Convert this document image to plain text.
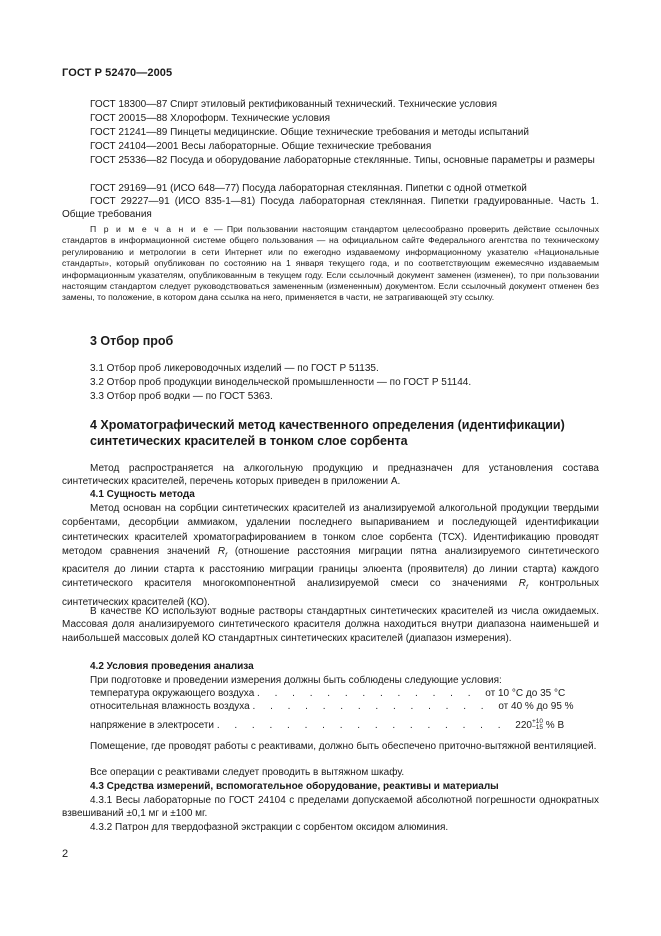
ГОСТ Р 52470—2005
ГОСТ 18300—87 Спирт этиловый ректификованный технический. Технические условия
ГОСТ 20015—88 Хлороформ. Технические условия
ГОСТ 21241—89 Пинцеты медицинские. Общие технические требования и методы испытаний
ГОСТ 24104—2001 Весы лабораторные. Общие технические требования
ГОСТ 25336—82 Посуда и оборудование лабораторные стеклянные. Типы, основные параметры и размеры
ГОСТ 29169—91 (ИСО 648—77) Посуда лабораторная стеклянная. Пипетки с одной отметкой
ГОСТ 29227—91 (ИСО 835-1—81) Посуда лабораторная стеклянная. Пипетки градуированные. Часть 1. Общие требования
П р и м е ч а н и е — При пользовании настоящим стандартом целесообразно проверить действие ссылочных стандартов в информационной системе общего пользования — на официальном сайте Федерального агентства по техническому регулированию и метрологии в сети Интернет или по ежегодно издаваемому информационному указателю «Национальные стандарты», который опубликован по состоянию на 1 января текущего года, и по соответствующим ежемесячно издаваемым информационным указателям, опубликованным в текущем году. Если ссылочный документ заменен (изменен), то при пользовании настоящим стандартом следует руководствоваться замененным (измененным) документом. Если ссылочный документ отменен без замены, то положение, в котором дана ссылка на него, применяется в части, не затрагивающей эту ссылку.
3 Отбор проб
3.1 Отбор проб ликероводочных изделий — по ГОСТ Р 51135.
3.2 Отбор проб продукции винодельческой промышленности — по ГОСТ Р 51144.
3.3 Отбор проб водки — по ГОСТ 5363.
4 Хроматографический метод качественного определения (идентификации) синтетических красителей в тонком слое сорбента
Метод распространяется на алкогольную продукцию и предназначен для установления состава синтетических красителей, перечень которых приведен в приложении А.
4.1 Сущность метода
Метод основан на сорбции синтетических красителей из анализируемой алкогольной продукции твердыми сорбентами, десорбции аммиаком, удалении последнего выпариванием и последующей идентификации синтетических красителей хроматографированием в тонком слое сорбента (ТСХ). Идентификацию проводят методом сравнения значений $R_f$ (отношение расстояния миграции пятна анализируемого синтетического красителя до линии старта к расстоянию миграции границы элюента (проявителя) до линии старта) каждого синтетического красителя многокомпонентной анализируемой смеси со значениями $R_f$ контрольных синтетических красителей (КО).
В качестве КО используют водные растворы стандартных синтетических красителей из числа ожидаемых. Массовая доля анализируемого синтетического красителя должна находиться внутри диапазона наименьшей и наибольшей массовых долей КО стандартных синтетических красителей (диапазон измерения).
4.2 Условия проведения анализа
При подготовке и проведении измерения должны быть соблюдены следующие условия:
температура окружающего воздуха . . . . . . . . . . . . . от 10 °С до 35 °С
относительная влажность воздуха . . . . . . . . . . . . . . от 40 % до 95 %
напряжение в электросети . . . . . . . . . . . . . . . . . 220+10
−15 % В
Помещение, где проводят работы с реактивами, должно быть обеспечено приточно-вытяжной вентиляцией.
Все операции с реактивами следует проводить в вытяжном шкафу.
4.3 Средства измерений, вспомогательное оборудование, реактивы и материалы
4.3.1 Весы лабораторные по ГОСТ 24104 с пределами допускаемой абсолютной погрешности однократных взвешиваний ±0,1 мг и ±100 мг.
4.3.2 Патрон для твердофазной экстракции с сорбентом оксидом алюминия.
2
